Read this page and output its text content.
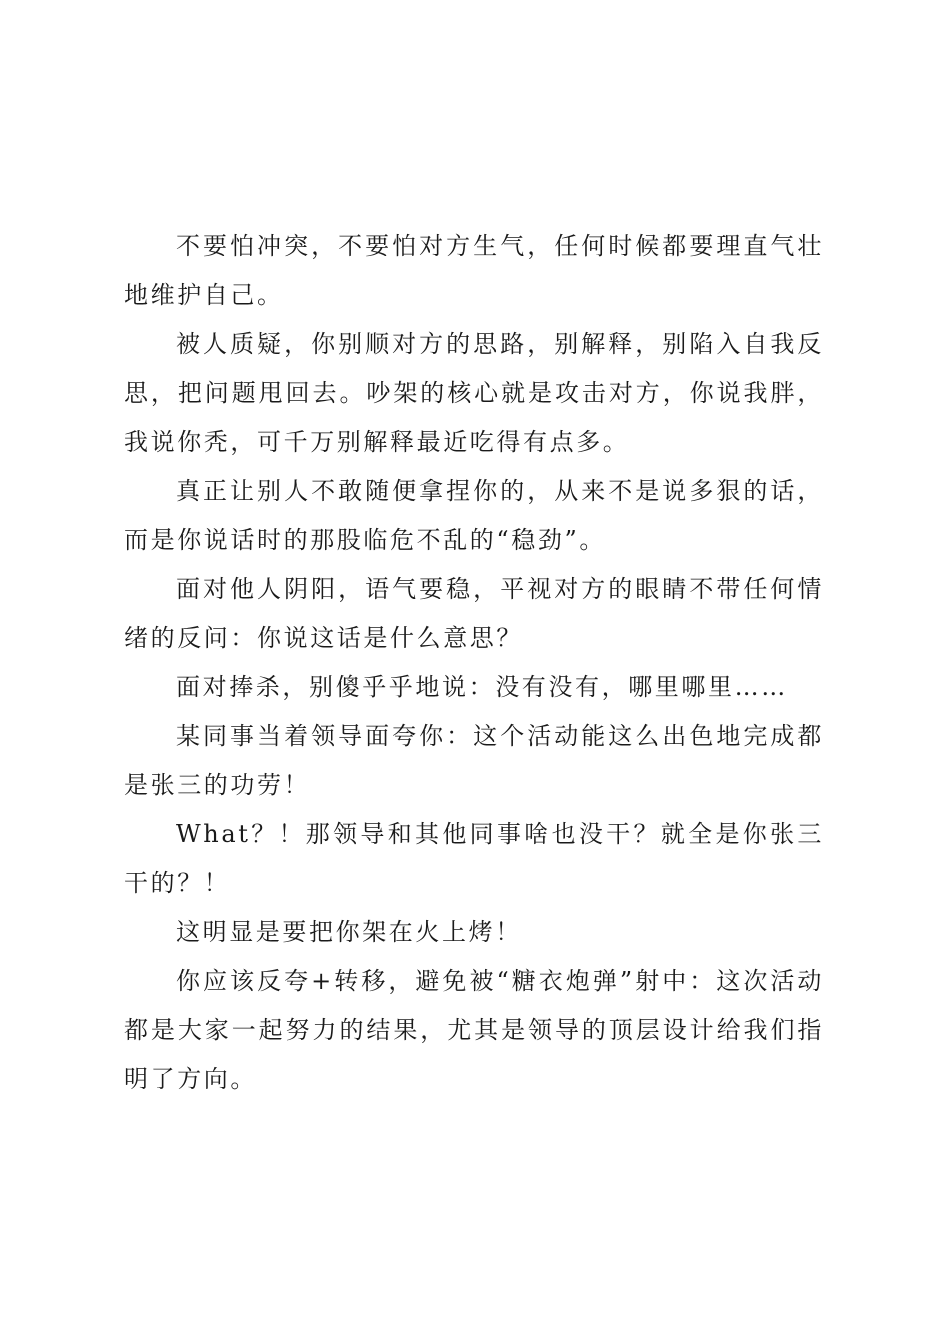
不要怕冲突，不要怕对方生气，任何时候都要理直气壮地维护自己。

被人质疑，你别顺对方的思路，别解释，别陷入自我反思，把问题甩回去。吵架的核心就是攻击对方，你说我胖，我说你秃，可千万别解释最近吃得有点多。

真正让别人不敢随便拿捏你的，从来不是说多狠的话，而是你说话时的那股临危不乱的“稳劲”。

面对他人阴阳，语气要稳，平视对方的眼睛不带任何情绪的反问：你说这话是什么意思？

面对捧杀，别傻乎乎地说：没有没有，哪里哪里……

某同事当着领导面夸你：这个活动能这么出色地完成都是张三的功劳！

What？！那领导和其他同事啥也没干？就全是你张三干的？！

这明显是要把你架在火上烤！

你应该反夸+转移，避免被“糖衣炮弹”射中：这次活动都是大家一起努力的结果，尤其是领导的顶层设计给我们指明了方向。
